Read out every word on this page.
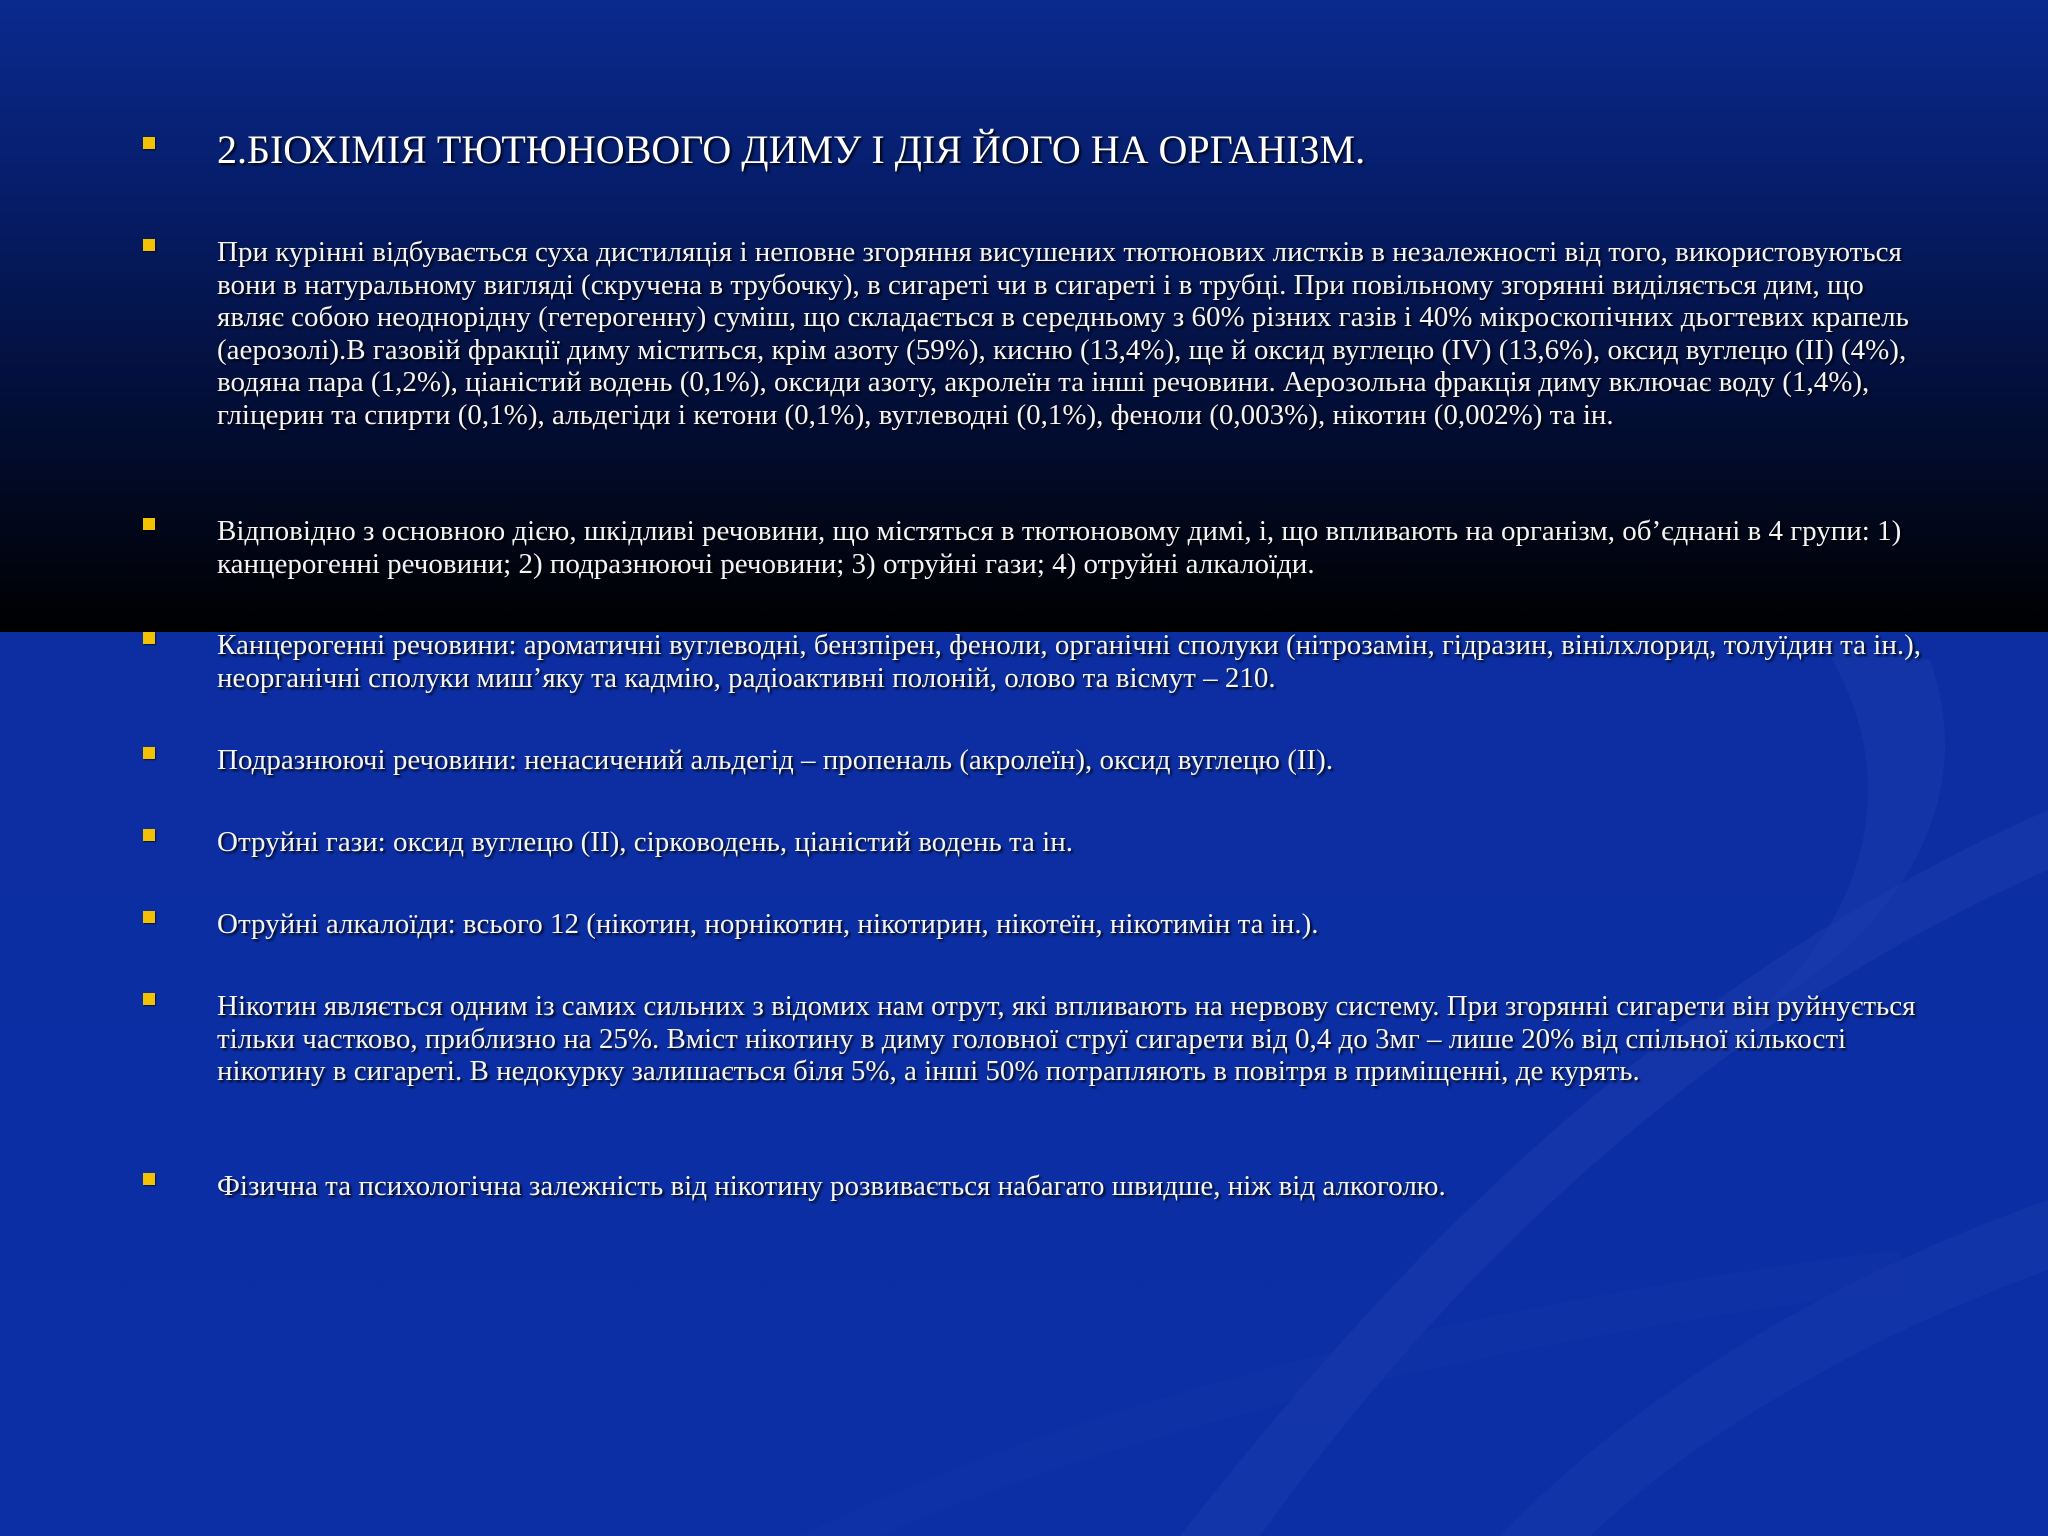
2.БІОХІМІЯ ТЮТЮНОВОГО ДИМУ І ДІЯ ЙОГО НА ОРГАНІЗМ.

При курінні відбувається суха дистиляція і неповне згоряння висушених тютюнових листків в незалежності від того, використовуються вони в натуральному вигляді (скручена в трубочку), в сигареті чи в сигареті і в трубці. При повільному згорянні виділяється дим, що являє собою неоднорідну (гетерогенну) суміш, що складається в середньому з 60% різних газів і 40% мікроскопічних дьогтевих крапель (аерозолі).В газовій фракції диму міститься, крім азоту (59%), кисню (13,4%), ще й оксид вуглецю (IV) (13,6%), оксид вуглецю (II) (4%), водяна пара (1,2%), ціаністий водень (0,1%), оксиди азоту, акролеїн та інші речовини. Аерозольна фракція диму включає воду (1,4%), гліцерин та спирти (0,1%), альдегіди і кетони (0,1%), вуглеводні (0,1%), феноли (0,003%), нікотин (0,002%) та ін.

Відповідно з основною дією, шкідливі речовини, що містяться в тютюновому димі, і, що впливають на організм, об’єднані в 4 групи: 1) канцерогенні речовини; 2) подразнюючі речовини; 3) отруйні гази; 4) отруйні алкалоїди.

Канцерогенні речовини: ароматичні вуглеводні, бензпірен, феноли, органічні сполуки (нітрозамін, гідразин, вінілхлорид, толуїдин та ін.), неорганічні сполуки миш’яку та кадмію, радіоактивні полоній, олово та вісмут – 210.

Подразнюючі речовини: ненасичений альдегід – пропеналь (акролеїн), оксид вуглецю (II).

Отруйні гази: оксид вуглецю (II), сірководень, ціаністий водень та ін.

Отруйні алкалоїди: всього 12 (нікотин, норнікотин, нікотирин, нікотеїн, нікотимін та ін.).

Нікотин являється одним із самих сильних з відомих нам отрут, які впливають на нервову систему. При згорянні сигарети він руйнується тільки частково, приблизно на 25%. Вміст нікотину в диму головної струї сигарети від 0,4 до 3мг – лише 20% від спільної кількості нікотину в сигареті. В недокурку залишається біля 5%, а інші 50% потрапляють в повітря в приміщенні, де курять.

Фізична та психологічна залежність від нікотину розвивається набагато швидше, ніж від алкоголю.
